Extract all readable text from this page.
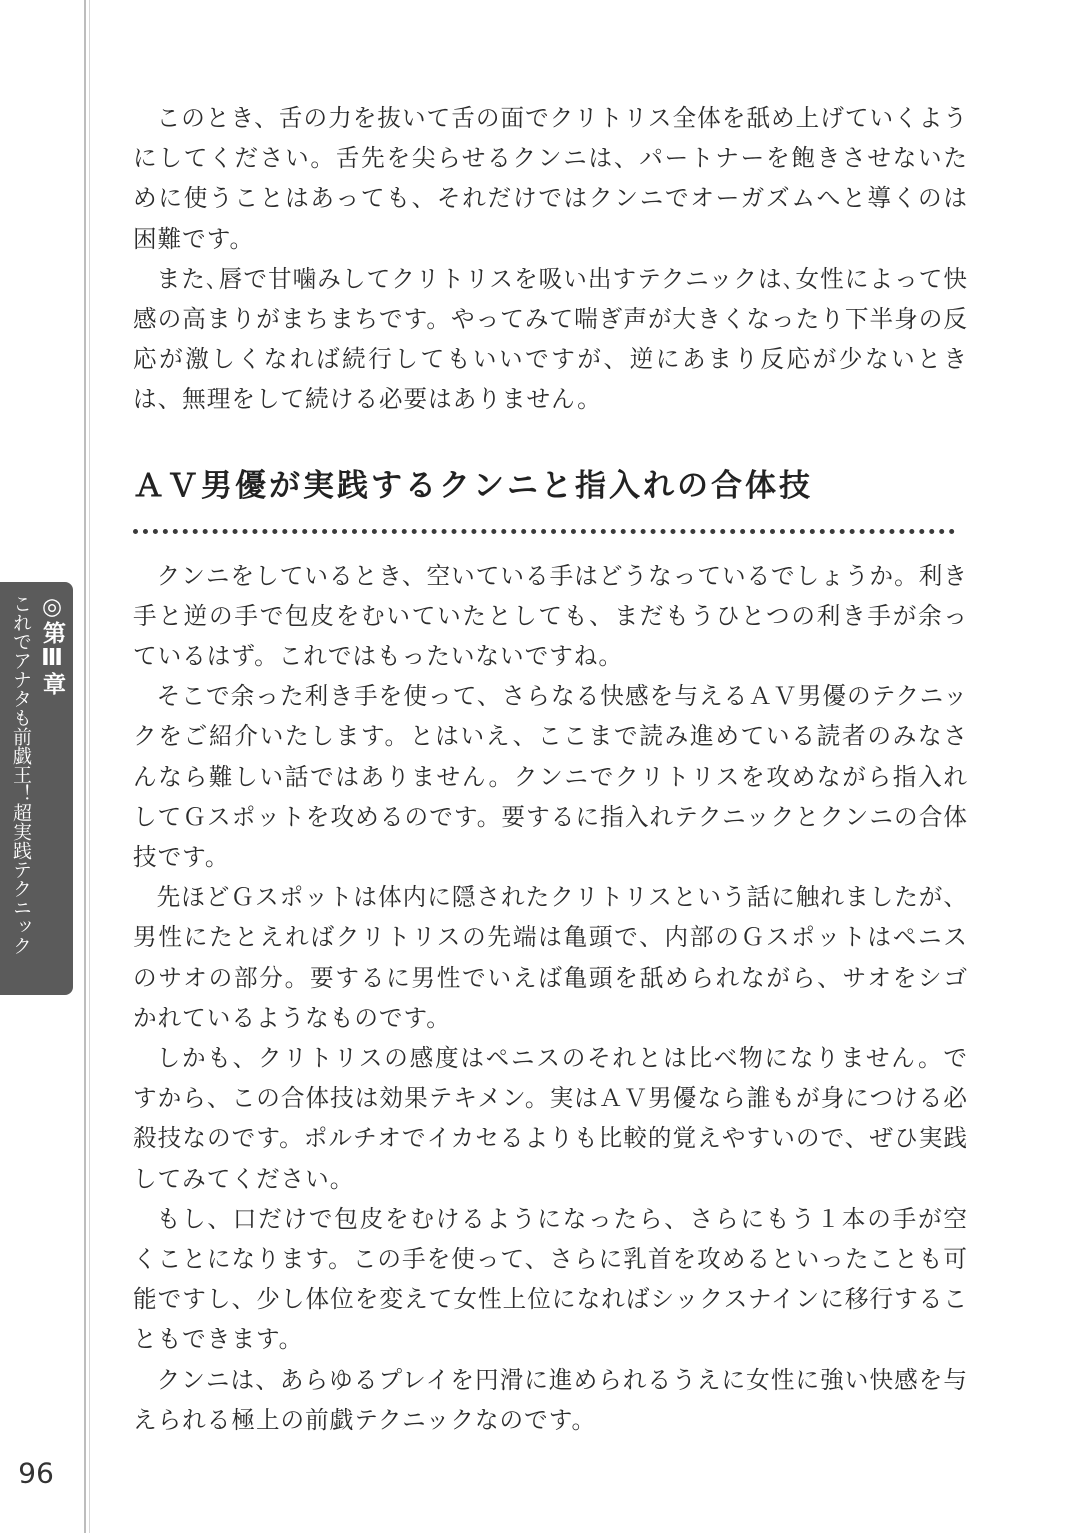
◎第Ⅲ章
これでアナタも前戯王！超実践テクニック
96

このとき、舌の力を抜いて舌の面でクリトリス全体を舐め上げていくようにしてください。舌先を尖らせるクンニは、パートナーを飽きさせないために使うことはあっても、それだけではクンニでオーガズムへと導くのは困難です。

また､唇で甘噛みしてクリトリスを吸い出すテクニックは､女性によって快感の高まりがまちまちです。やってみて喘ぎ声が大きくなったり下半身の反応が激しくなれば続行してもいいですが、逆にあまり反応が少ないときは、無理をして続ける必要はありません。

ＡＶ男優が実践するクンニと指入れの合体技

クンニをしているとき、空いている手はどうなっているでしょうか。利き手と逆の手で包皮をむいていたとしても、まだもうひとつの利き手が余っているはず。これではもったいないですね。

そこで余った利き手を使って、さらなる快感を与えるＡＶ男優のテクニックをご紹介いたします。とはいえ、ここまで読み進めている読者のみなさんなら難しい話ではありません。クンニでクリトリスを攻めながら指入れしてＧスポットを攻めるのです。要するに指入れテクニックとクンニの合体技です。

先ほどＧスポットは体内に隠されたクリトリスという話に触れましたが、男性にたとえればクリトリスの先端は亀頭で、内部のＧスポットはペニスのサオの部分。要するに男性でいえば亀頭を舐められながら、サオをシゴかれているようなものです。

しかも、クリトリスの感度はペニスのそれとは比べ物になりません。ですから、この合体技は効果テキメン。実はＡＶ男優なら誰もが身につける必殺技なのです。ポルチオでイカセるよりも比較的覚えやすいので、ぜひ実践してみてください。

もし、口だけで包皮をむけるようになったら、さらにもう１本の手が空くことになります。この手を使って、さらに乳首を攻めるといったことも可能ですし、少し体位を変えて女性上位になればシックスナインに移行することもできます。

クンニは、あらゆるプレイを円滑に進められるうえに女性に強い快感を与えられる極上の前戯テクニックなのです。
